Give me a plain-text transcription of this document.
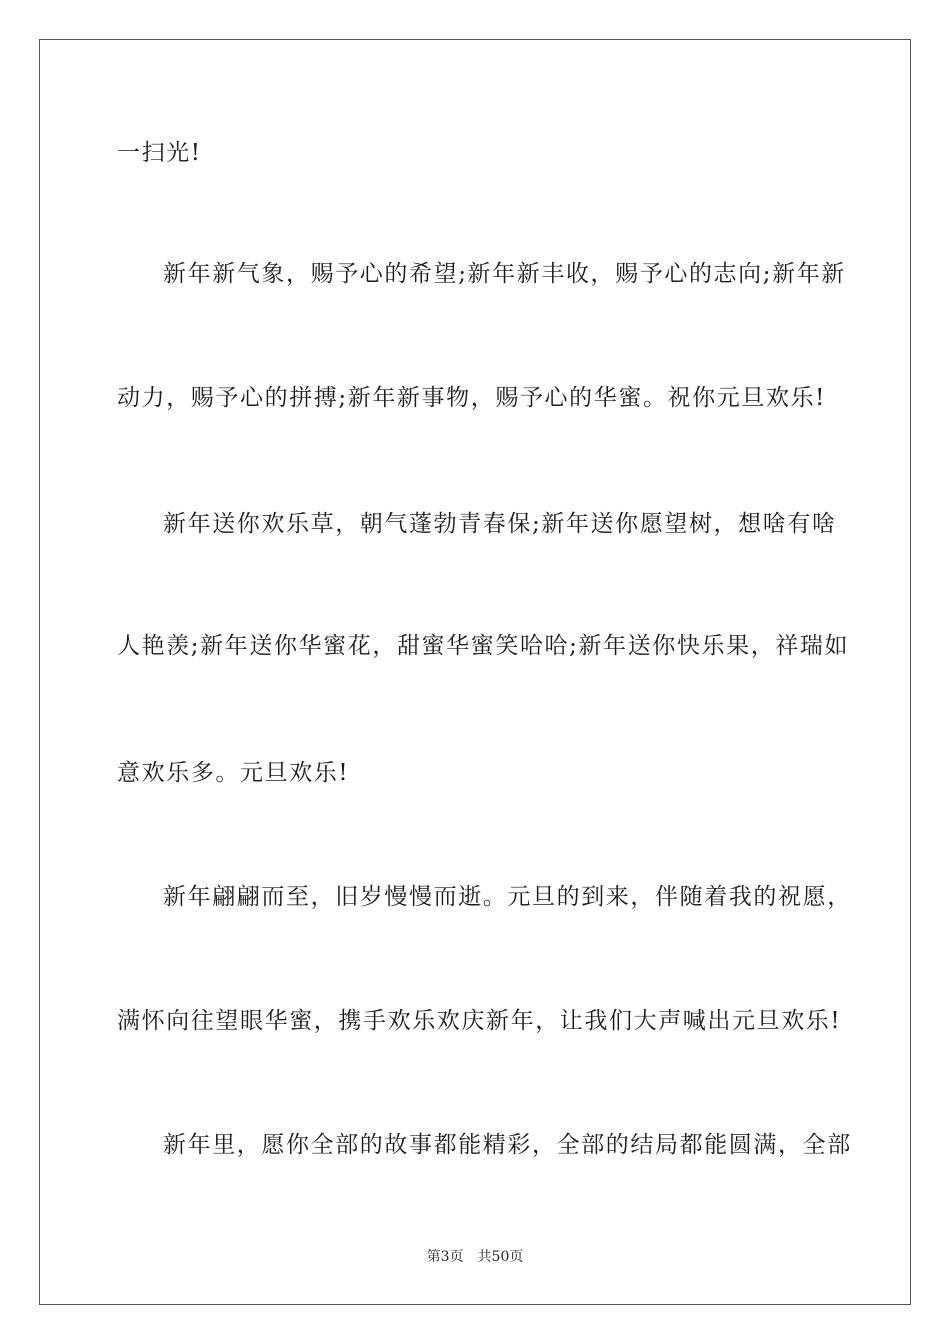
一扫光!
新年新气象，赐予心的希望;新年新丰收，赐予心的志向;新年新
动力，赐予心的拼搏;新年新事物，赐予心的华蜜。祝你元旦欢乐!
新年送你欢乐草，朝气蓬勃青春保;新年送你愿望树，想啥有啥
人艳羡;新年送你华蜜花，甜蜜华蜜笑哈哈;新年送你快乐果，祥瑞如
意欢乐多。元旦欢乐!
新年翩翩而至，旧岁慢慢而逝。元旦的到来，伴随着我的祝愿，
满怀向往望眼华蜜，携手欢乐欢庆新年，让我们大声喊出元旦欢乐!
新年里，愿你全部的故事都能精彩，全部的结局都能圆满，全部
第3页 共50页
